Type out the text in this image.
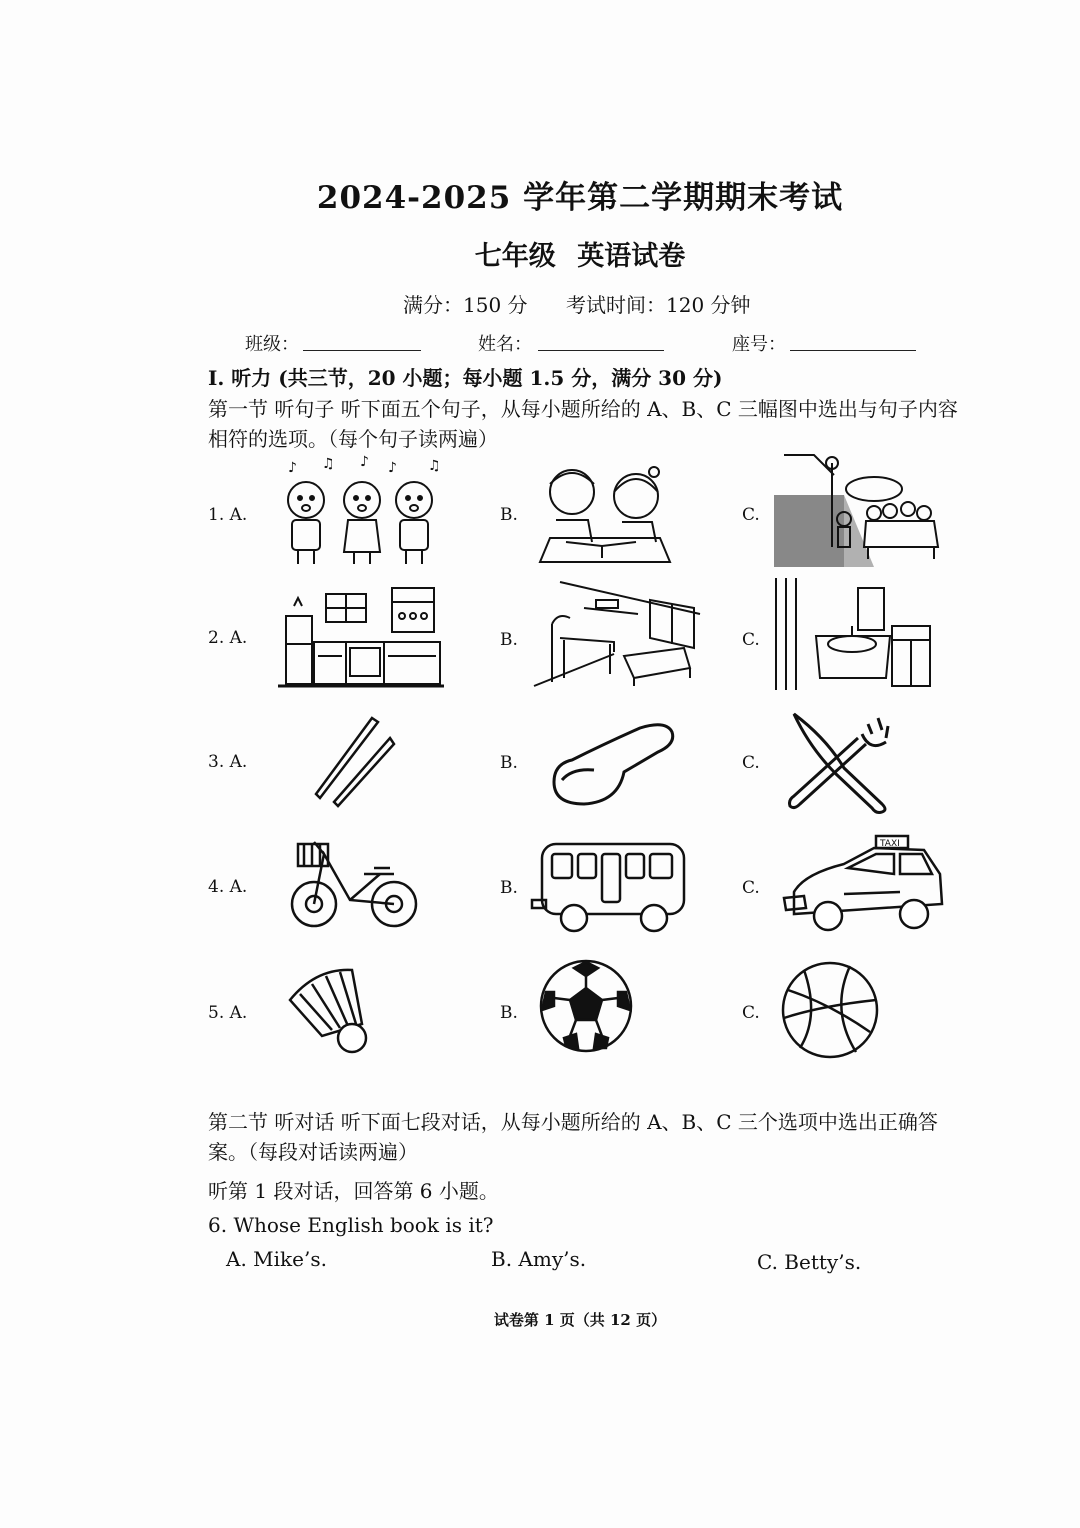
2024-2025 学年第二学期期末考试
七年级 英语试卷
满分：150 分 考试时间：120 分钟
班级：	姓名：	座号：
I. 听力 (共三节，20 小题；每小题 1.5 分，满分 30 分)
第一节 听句子 听下面五个句子，从每小题所给的 A、B、C 三幅图中选出与句子内容相符的选项。（每个句子读两遍）
1. A.	B.	C.
2. A.	B.	C.
3. A.	B.	C.
4. A.	B.	C.
5. A.	B.	C.
♪ ♫ ♪ ♪ ♫
TAXI
第二节 听对话 听下面七段对话，从每小题所给的 A、B、C 三个选项中选出正确答案。（每段对话读两遍）
听第 1 段对话，回答第 6 小题。
6. Whose English book is it?
A. Mike’s.	B. Amy’s.	C. Betty’s.
试卷第 1 页（共 12 页）
